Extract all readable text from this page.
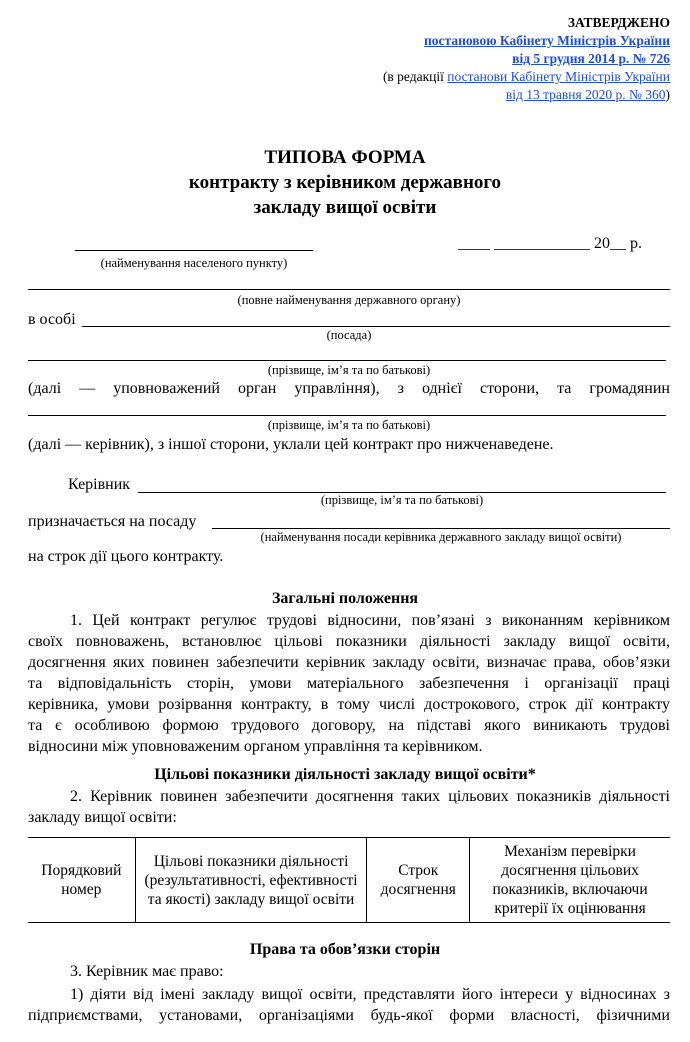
ЗАТВЕРДЖЕНО
постановою Кабінету Міністрів України
від 5 грудня 2014 р. № 726
(в редакції постанови Кабінету Міністрів України
від 13 травня 2020 р. № 360)
ТИПОВА ФОРМА
контракту з керівником державного
закладу вищої освіти
____ ____________ 20__ р.
(найменування населеного пункту)
(повне найменування державного органу)
в особі
(посада)
(прізвище, ім’я та по батькові)
(далі — уповноважений орган управління), з однієї сторони, та громадянин
(прізвище, ім’я та по батькові)
(далі — керівник), з іншої сторони, уклали цей контракт про нижченаведене.
Керівник
(прізвище, ім’я та по батькові)
призначається на посаду
(найменування посади керівника державного закладу вищої освіти)
на строк дії цього контракту.
Загальні положення
1. Цей контракт регулює трудові відносини, пов’язані з виконанням керівником
своїх повноважень, встановлює цільові показники діяльності закладу вищої освіти,
досягнення яких повинен забезпечити керівник закладу освіти, визначає права, обов’язки
та відповідальність сторін, умови матеріального забезпечення і організації праці
керівника, умови розірвання контракту, в тому числі дострокового, строк дії контракту
та є особливою формою трудового договору, на підставі якого виникають трудові
відносини між уповноваженим органом управління та керівником.
Цільові показники діяльності закладу вищої освіти*
2. Керівник повинен забезпечити досягнення таких цільових показників діяльності
закладу вищої освіти:
Порядковий номер	Цільові показники діяльності (результативності, ефективності та якості) закладу вищої освіти	Строк досягнення	Механізм перевірки досягнення цільових показників, включаючи критерії їх оцінювання
Права та обов’язки сторін
3. Керівник має право:
1) діяти від імені закладу вищої освіти, представляти його інтереси у відносинах з
підприємствами, установами, організаціями будь-якої форми власності, фізичними
